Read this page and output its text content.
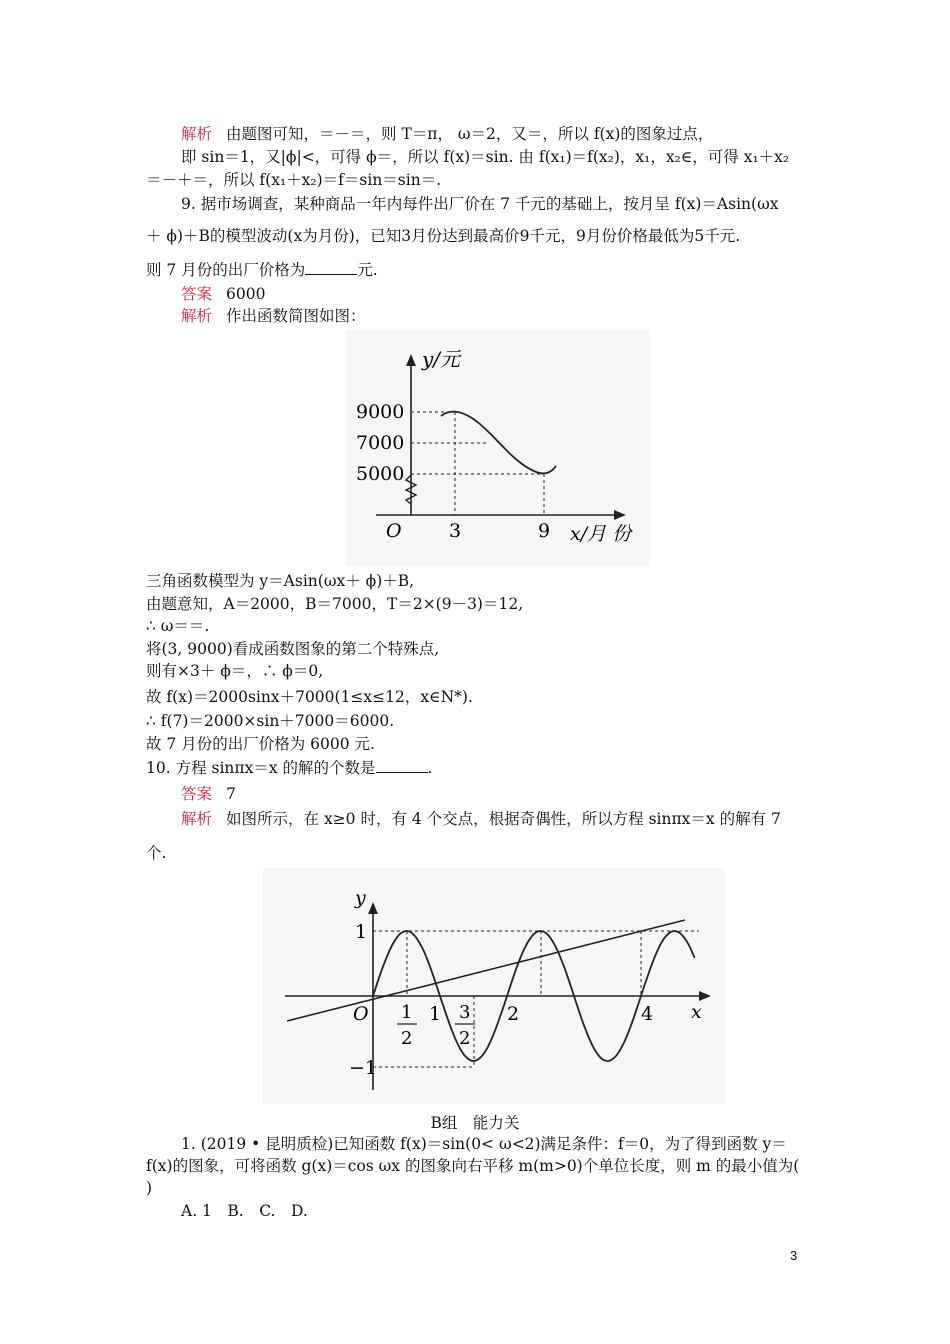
解析 由题图可知，＝－＝，则 T＝π， ω＝2，又＝，所以 f(x)的图象过点，
即 sin＝1，又|ϕ|<，可得 ϕ＝，所以 f(x)＝sin. 由 f(x₁)＝f(x₂)，x₁，x₂∈，可得 x₁＋x₂
＝－＋＝，所以 f(x₁＋x₂)＝f＝sin＝sin＝.
9. 据市场调查，某种商品一年内每件出厂价在 7 千元的基础上，按月呈 f(x)＝Asin(ωx
＋ ϕ)＋B的模型波动(x为月份)，已知3月份达到最高价9千元，9月份价格最低为5千元.
则 7 月份的出厂价格为	元.
答案 6000
解析 作出函数简图如图：
y/元
9000
7000
5000
O 3	9 x/月 份
三角函数模型为 y＝Asin(ωx＋ ϕ)＋B,
由题意知，A＝2000，B＝7000，T＝2×(9－3)＝12,
∴ ω＝＝.
将(3, 9000)看成函数图象的第二个特殊点,
则有×3＋ ϕ＝，∴ ϕ＝0,
故 f(x)＝2000sinx＋7000(1≤x≤12，x∈N*).
∴ f(7)＝2000×sin＋7000＝6000.
故 7 月份的出厂价格为 6000 元.
10. 方程 sinπx＝x 的解的个数是	.
答案 7
解析 如图所示，在 x≥0 时，有 4 个交点，根据奇偶性，所以方程 sinπx＝x 的解有 7
个.
y
1
−1
O 1
2
1 3
2
2	4 x
B组　能力关
1. (2019 • 昆明质检)已知函数 f(x)＝sin(0< ω<2)满足条件：f＝0，为了得到函数 y＝
f(x)的图象，可将函数 g(x)＝cos ωx 的图象向右平移 m(m>0)个单位长度，则 m 的最小值为(
)
A. 1　B.　C.　D.
3
